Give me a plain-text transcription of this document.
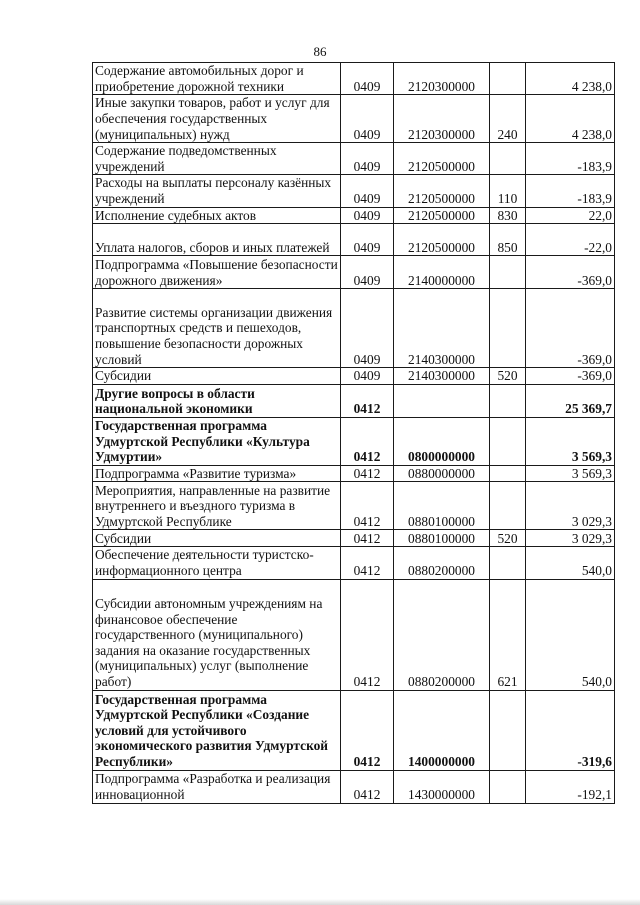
86
Содержание автомобильных дорог и приобретение дорожной техники	0409	2120300000		4 238,0
Иные закупки товаров, работ и услуг для обеспечения государственных (муниципальных) нужд	0409	2120300000	240	4 238,0
Содержание подведомственных учреждений	0409	2120500000		-183,9
Расходы на выплаты персоналу казённых учреждений	0409	2120500000	110	-183,9
Исполнение судебных актов	0409	2120500000	830	22,0
Уплата налогов, сборов и иных платежей	0409	2120500000	850	-22,0
Подпрограмма «Повышение безопасности дорожного движения»	0409	2140000000		-369,0
Развитие системы организации движения транспортных средств и пешеходов, повышение безопасности дорожных условий	0409	2140300000		-369,0
Субсидии	0409	2140300000	520	-369,0
Другие вопросы в области национальной экономики	0412			25 369,7
Государственная программа Удмуртской Республики «Культура Удмуртии»	0412	0800000000		3 569,3
Подпрограмма «Развитие туризма»	0412	0880000000		3 569,3
Мероприятия, направленные на развитие внутреннего и въездного туризма в Удмуртской Республике	0412	0880100000		3 029,3
Субсидии	0412	0880100000	520	3 029,3
Обеспечение деятельности туристско-информационного центра	0412	0880200000		540,0
Субсидии автономным учреждениям на финансовое обеспечение государственного (муниципального) задания на оказание государственных (муниципальных) услуг (выполнение работ)	0412	0880200000	621	540,0
Государственная программа Удмуртской Республики «Создание условий для устойчивого экономического развития Удмуртской Республики»	0412	1400000000		-319,6
Подпрограмма «Разработка и реализация инновационной	0412	1430000000		-192,1
